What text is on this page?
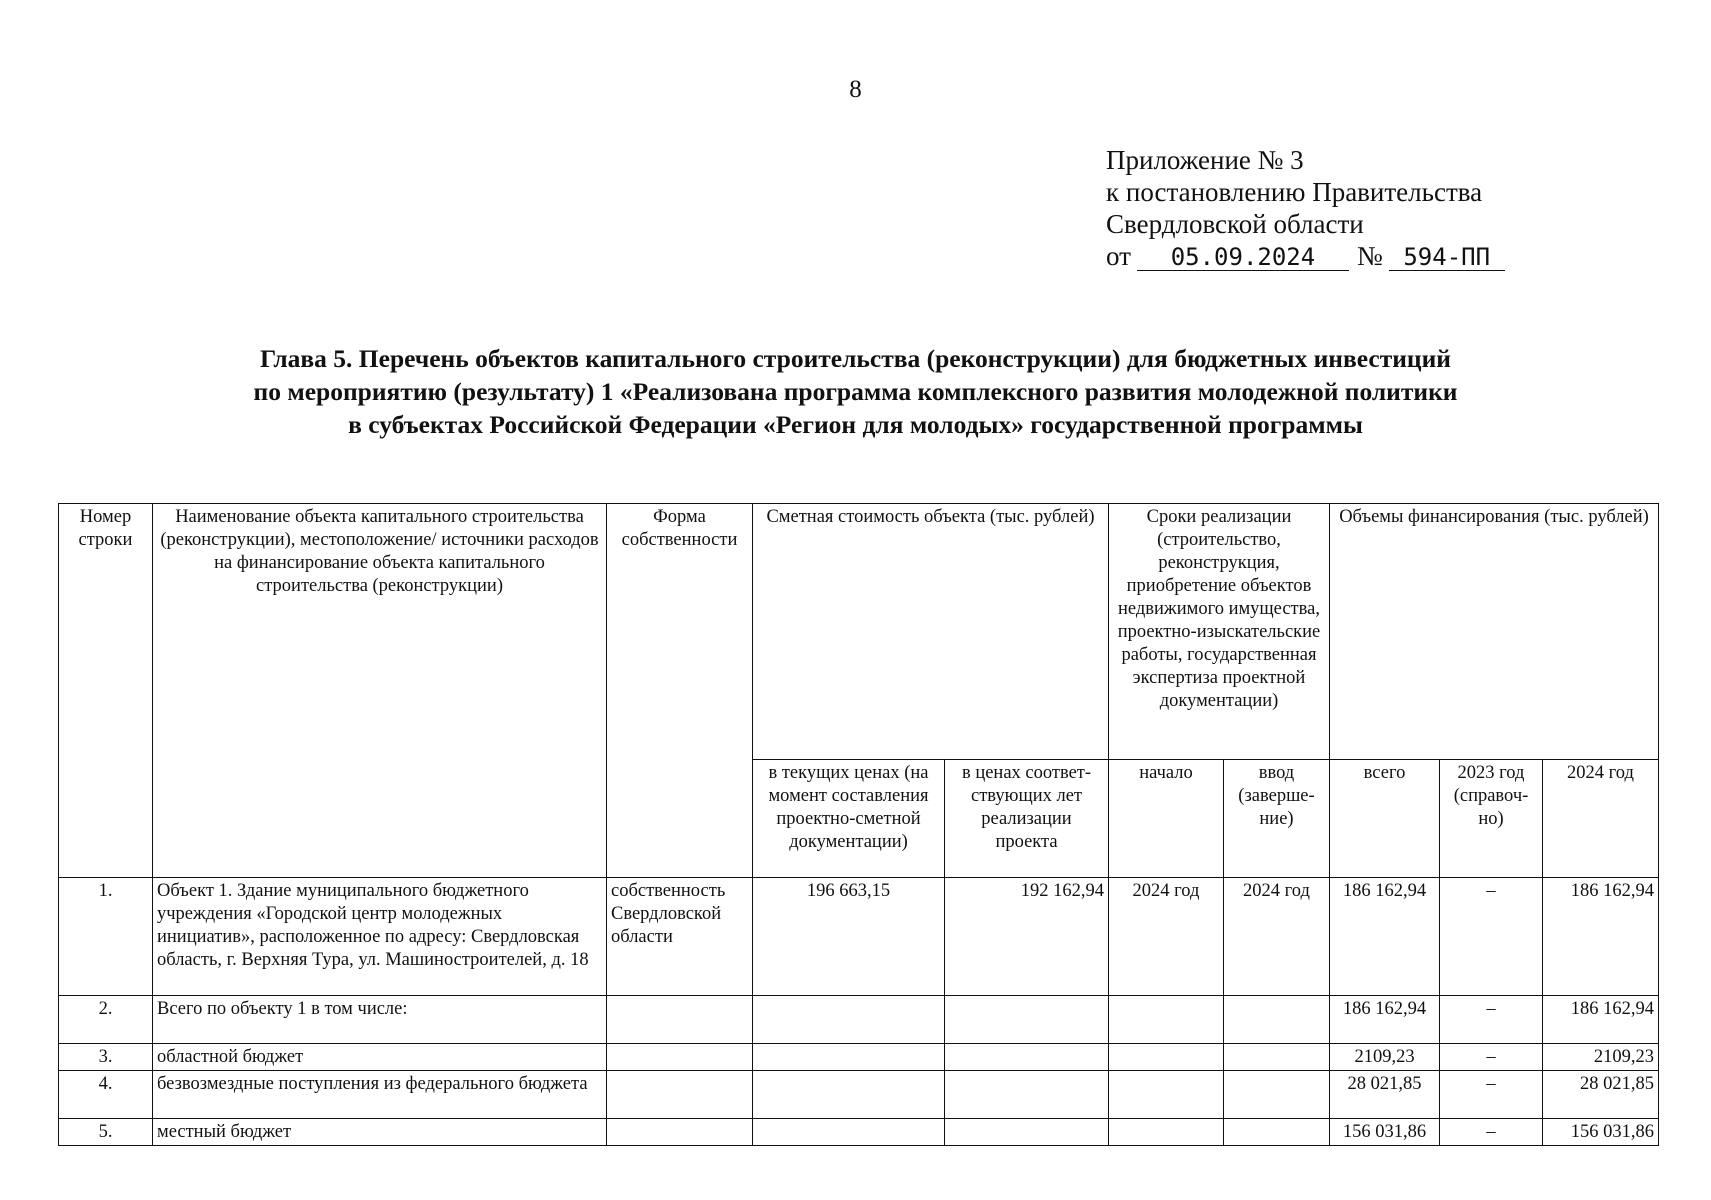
8
Приложение № 3
к постановлению Правительства
Свердловской области
от 05.09.2024 № 594-ПП
Глава 5. Перечень объектов капитального строительства (реконструкции) для бюджетных инвестиций
по мероприятию (результату) 1 «Реализована программа комплексного развития молодежной политики
в субъектах Российской Федерации «Регион для молодых» государственной программы
Номер строки	Наименование объекта капитального строительства (реконструкции), местоположение/ источники расходов на финансирование объекта капитального строительства (реконструкции)	Форма собственности	Сметная стоимость объекта (тыс. рублей)		Сроки реализации (строительство, реконструкция, приобретение объектов недвижимого имущества, проектно-изыскательские работы, государственная экспертиза проектной документации)		Объемы финансирования (тыс. рублей)		
			в текущих ценах (на момент составления проектно-сметной документации)	в ценах соответ-ствующих лет реализации проекта	начало	ввод (заверше-ние)	всего	2023 год (справоч-но)	2024 год
1.	Объект 1. Здание муниципального бюджетного учреждения «Городской центр молодежных инициатив», расположенное по адресу: Свердловская область, г. Верхняя Тура, ул. Машиностроителей, д. 18	собственность Свердловской области	196 663,15	192 162,94	2024 год	2024 год	186 162,94	–	186 162,94
2.	Всего по объекту 1 в том числе:						186 162,94	–	186 162,94
3.	областной бюджет						2109,23	–	2109,23
4.	безвозмездные поступления из федерального бюджета						28 021,85	–	28 021,85
5.	местный бюджет						156 031,86	–	156 031,86
